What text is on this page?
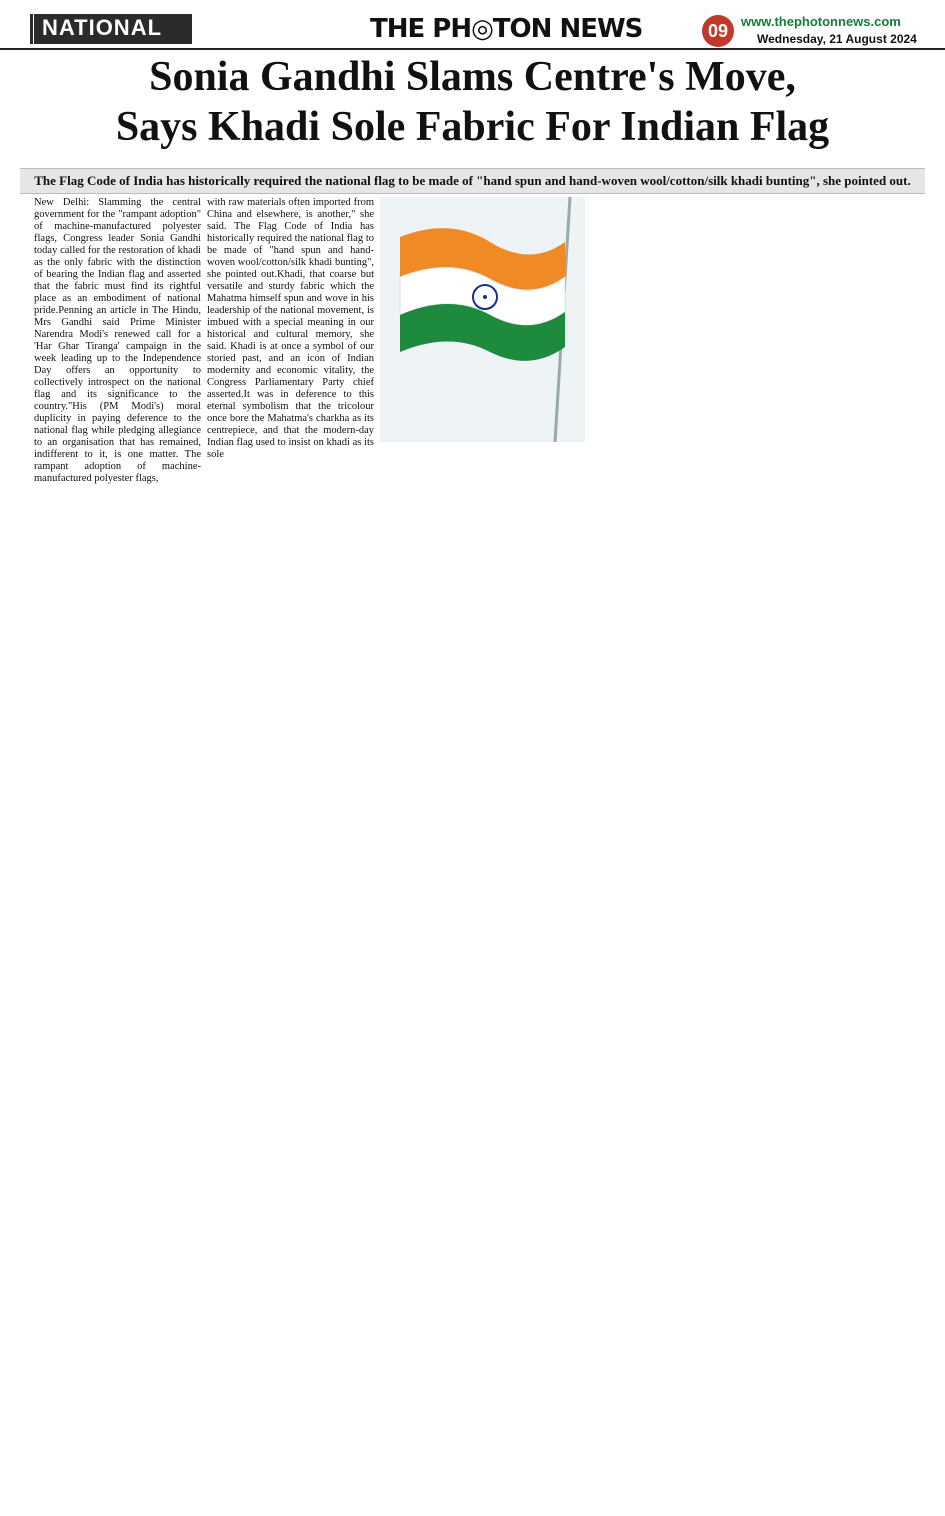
NATIONAL	THE PH◎TON NEWS	09 www.thephotonnews.com
Wednesday, 21 August 2024
Sonia Gandhi Slams Centre's Move,
Says Khadi Sole Fabric For Indian Flag
The Flag Code of India has historically required the national flag to be made of "hand spun and hand-woven wool/cotton/silk khadi bunting", she pointed out.
New Delhi: Slamming the central government for the "rampant adoption" of machine-manufactured polyester flags, Congress leader Sonia Gandhi today called for the restoration of khadi as the only fabric with the distinction of bearing the Indian flag and asserted that the fabric must find its rightful place as an embodiment of national pride.Penning an article in The Hindu, Mrs Gandhi said Prime Minister Narendra Modi's renewed call for a 'Har Ghar Tiranga' campaign in the week leading up to the Independence Day offers an opportunity to collectively introspect on the national flag and its significance to the country."His (PM Modi's) moral duplicity in paying deference to the national flag while pledging allegiance to an organisation that has remained, indifferent to it, is one matter. The rampant adoption of machine-manufactured polyester flags,
with raw materials often imported from China and elsewhere, is another," she said. The Flag Code of India has historically required the national flag to be made of "hand spun and hand-woven wool/cotton/silk khadi bunting", she pointed out.Khadi, that coarse but versatile and sturdy fabric which the Mahatma himself spun and wove in his leadership of the national movement, is imbued with a special meaning in our historical and cultural memory, she said. Khadi is at once a symbol of our storied past, and an icon of Indian modernity and economic vitality, the Congress Parliamentary Party chief asserted.It was in deference to this eternal symbolism that the tricolour once bore the Mahatma's charkha as its centrepiece, and that the modern-day Indian flag used to insist on khadi as its sole
